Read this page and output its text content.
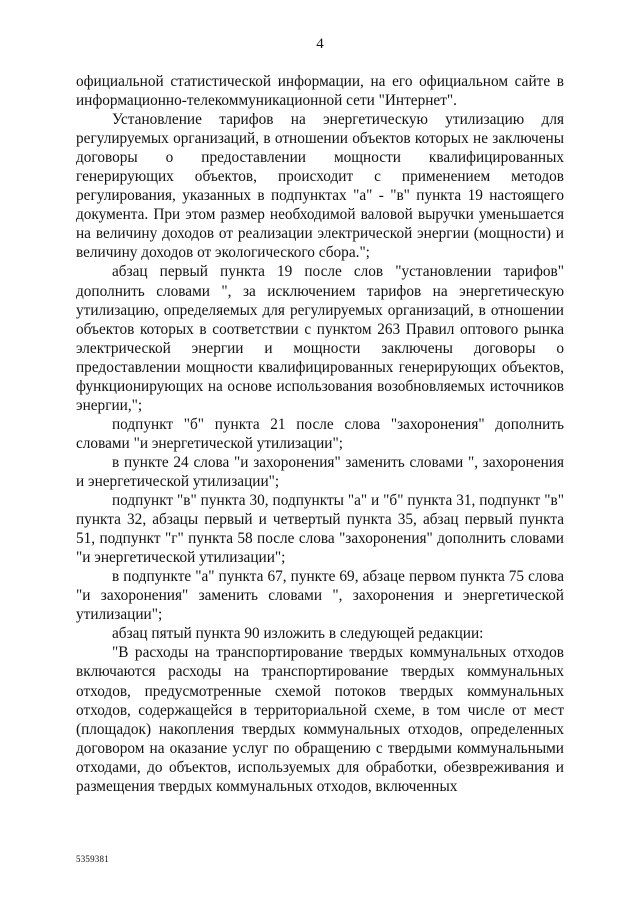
4

официальной статистической информации, на его официальном сайте в информационно-телекоммуникационной сети "Интернет".

Установление тарифов на энергетическую утилизацию для регулируемых организаций, в отношении объектов которых не заключены договоры о предоставлении мощности квалифицированных генерирующих объектов, происходит с применением методов регулирования, указанных в подпунктах "а" - "в" пункта 19 настоящего документа. При этом размер необходимой валовой выручки уменьшается на величину доходов от реализации электрической энергии (мощности) и величину доходов от экологического сбора.";

абзац первый пункта 19 после слов "установлении тарифов" дополнить словами ", за исключением тарифов на энергетическую утилизацию, определяемых для регулируемых организаций, в отношении объектов которых в соответствии с пунктом 263 Правил оптового рынка электрической энергии и мощности заключены договоры о предоставлении мощности квалифицированных генерирующих объектов, функционирующих на основе использования возобновляемых источников энергии,";

подпункт "б" пункта 21 после слова "захоронения" дополнить словами "и энергетической утилизации";

в пункте 24 слова "и захоронения" заменить словами ", захоронения и энергетической утилизации";

подпункт "в" пункта 30, подпункты "а" и "б" пункта 31, подпункт "в" пункта 32, абзацы первый и четвертый пункта 35, абзац первый пункта 51, подпункт "г" пункта 58 после слова "захоронения" дополнить словами "и энергетической утилизации";

в подпункте "а" пункта 67, пункте 69, абзаце первом пункта 75 слова "и захоронения" заменить словами ", захоронения и энергетической утилизации";

абзац пятый пункта 90 изложить в следующей редакции:

"В расходы на транспортирование твердых коммунальных отходов включаются расходы на транспортирование твердых коммунальных отходов, предусмотренные схемой потоков твердых коммунальных отходов, содержащейся в территориальной схеме, в том числе от мест (площадок) накопления твердых коммунальных отходов, определенных договором на оказание услуг по обращению с твердыми коммунальными отходами, до объектов, используемых для обработки, обезвреживания и размещения твердых коммунальных отходов, включенных

5359381
